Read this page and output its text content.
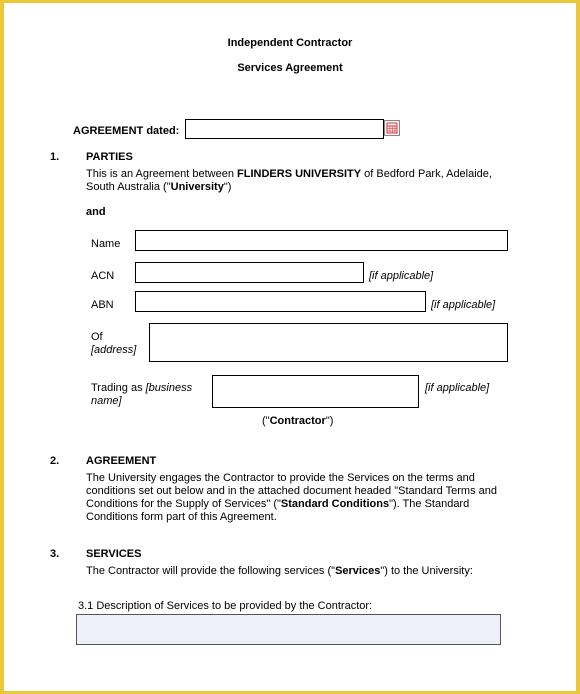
Independent Contractor
Services Agreement
AGREEMENT dated:
1. PARTIES
This is an Agreement between FLINDERS UNIVERSITY of Bedford Park, Adelaide,
South Australia ("University")
and
Name
ACN	[if applicable]
ABN	[if applicable]
Of
[address]
Trading as [business
name]
[if applicable]
("Contractor")
2. AGREEMENT
The University engages the Contractor to provide the Services on the terms and
conditions set out below and in the attached document headed "Standard Terms and
Conditions for the Supply of Services" ("Standard Conditions"). The Standard
Conditions form part of this Agreement.
3. SERVICES
The Contractor will provide the following services ("Services") to the University:
3.1 Description of Services to be provided by the Contractor:
